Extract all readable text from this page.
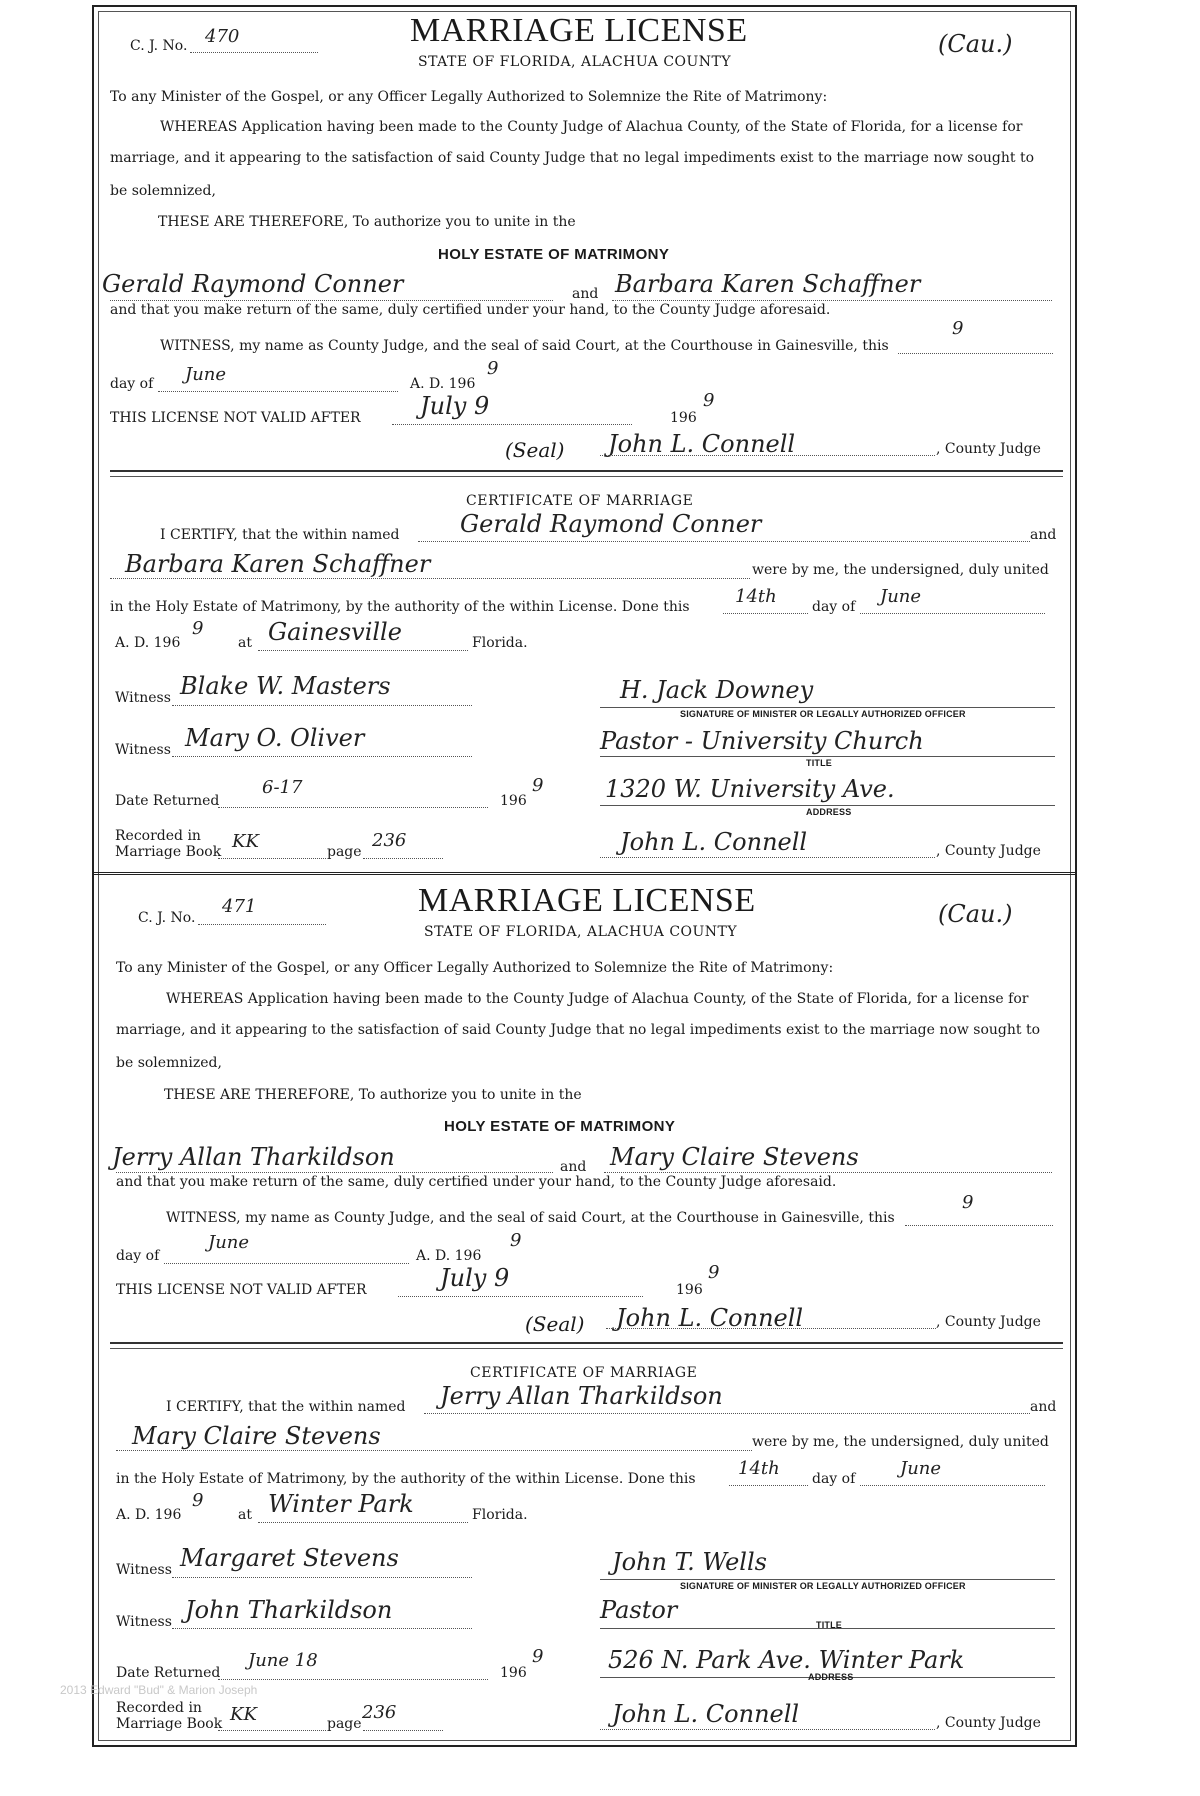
C. J. No. 470	MARRIAGE LICENSE
STATE OF FLORIDA, ALACHUA COUNTY
(Cau.)
To any Minister of the Gospel, or any Officer Legally Authorized to Solemnize the Rite of Matrimony:
WHEREAS Application having been made to the County Judge of Alachua County, of the State of Florida, for a license for
marriage, and it appearing to the satisfaction of said County Judge that no legal impediments exist to the marriage now sought to
be solemnized,
THESE ARE THEREFORE, To authorize you to unite in the
HOLY ESTATE OF MATRIMONY
Gerald Raymond Conner	and Barbara Karen Schaffner
and that you make return of the same, duly certified under your hand, to the County Judge aforesaid.
WITNESS, my name as County Judge, and the seal of said Court, at the Courthouse in Gainesville, this
9
day of June	A. D. 196
9
THIS LICENSE NOT VALID AFTER July 9	196
9
(Seal) John L. Connell	, County Judge
CERTIFICATE OF MARRIAGE
I CERTIFY, that the within named	Gerald Raymond Conner	and
Barbara Karen Schaffner	were by me, the undersigned, duly united
in the Holy Estate of Matrimony, by the authority of the within License. Done this	14th	day of June
A. D. 196
9
at Gainesville	Florida.
Witness Blake W. Masters
Witness Mary O. Oliver
H. Jack Downey
SIGNATURE OF MINISTER OR LEGALLY AUTHORIZED OFFICER
Pastor - University Church
TITLE
Date Returned
6-17
196
9	1320 W. University Ave.
ADDRESS
Recorded in
Marriage Book KK	page
236	John L. Connell	, County Judge
C. J. No.
471	MARRIAGE LICENSE
STATE OF FLORIDA, ALACHUA COUNTY
(Cau.)
To any Minister of the Gospel, or any Officer Legally Authorized to Solemnize the Rite of Matrimony:
WHEREAS Application having been made to the County Judge of Alachua County, of the State of Florida, for a license for
marriage, and it appearing to the satisfaction of said County Judge that no legal impediments exist to the marriage now sought to
be solemnized,
THESE ARE THEREFORE, To authorize you to unite in the
HOLY ESTATE OF MATRIMONY
Jerry Allan Tharkildson	and Mary Claire Stevens
and that you make return of the same, duly certified under your hand, to the County Judge aforesaid.
WITNESS, my name as County Judge, and the seal of said Court, at the Courthouse in Gainesville, this
9
day of
June
A. D. 196
9
THIS LICENSE NOT VALID AFTER	July 9	196
9
(Seal) John L. Connell	, County Judge
CERTIFICATE OF MARRIAGE
I CERTIFY, that the within named Jerry Allan Tharkildson	and
Mary Claire Stevens	were by me, the undersigned, duly united
in the Holy Estate of Matrimony, by the authority of the within License. Done this 14th day of June
A. D. 196
9
at Winter Park	Florida.
Witness Margaret Stevens
Witness John Tharkildson
John T. Wells
SIGNATURE OF MINISTER OR LEGALLY AUTHORIZED OFFICER
Pastor
TITLE
Date Returned
June 18
196
9	526 N. Park Ave. Winter Park
ADDRESS
Recorded in
Marriage Book KK	page
236	John L. Connell	, County Judge
2013 Edward "Bud" & Marion Joseph
